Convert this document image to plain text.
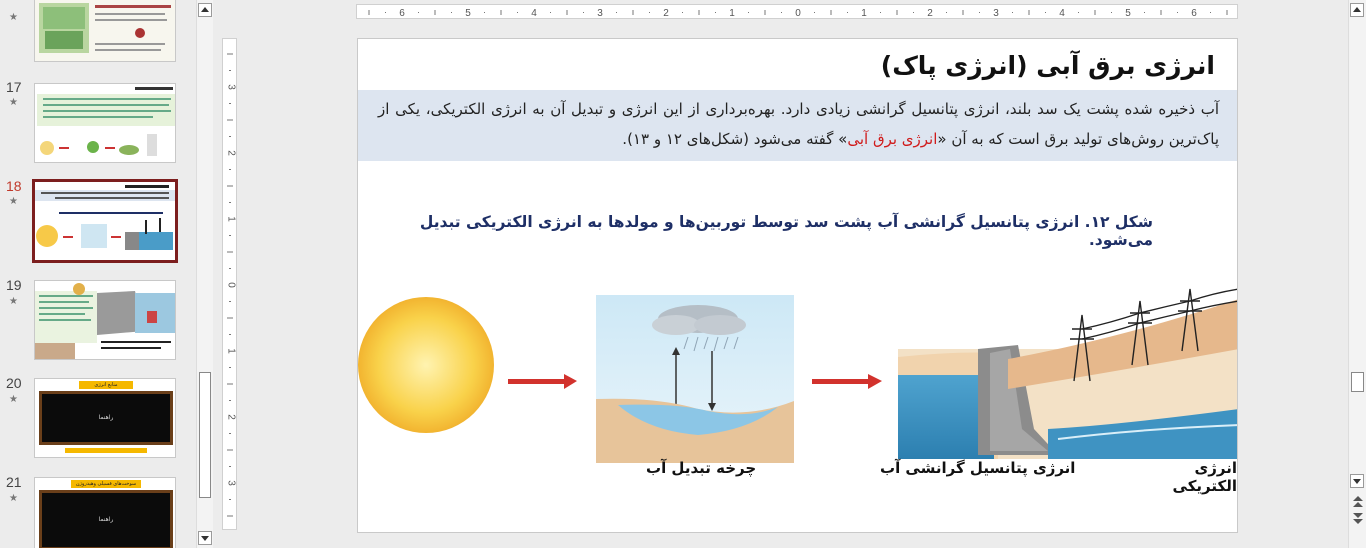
★
17
★
18
★
19
★
20
★
منابع انرژی
راهنما
21
★
سوخت‌های فسیلی وهیدروژن
راهنما
6	5	4	3	2	1	0	1	2	3	4	5	6
3
2
1
0
1
2
3
انرژی برق آبی (انرژی پاک)
آب ذخیره شده پشت یک سد بلند، انرژی پتانسیل گرانشی زیادی دارد. بهره‌برداری از این انرژی و تبدیل آن به انرژی الکتریکی، یکی از پاک‌ترین روش‌های تولید برق است که به آن «انرژی برق آبی» گفته می‌شود (شکل‌های ۱۲ و ۱۳).
شکل ۱۲. انرژی پتانسیل گرانشی آب پشت سد توسط توربین‌ها و مولدها به انرژی الکتریکی تبدیل می‌شود.
چرخه تبدیل آب	انرژی پتانسیل گرانشی آب	انرژی الکتریکی
